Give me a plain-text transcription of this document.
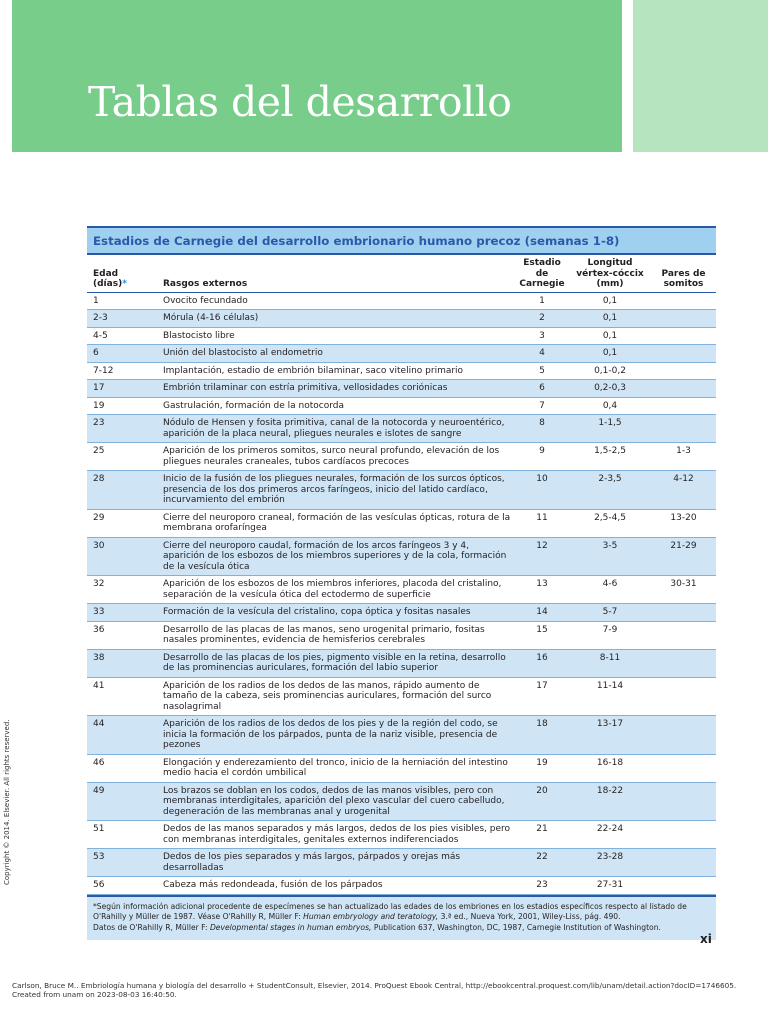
Tablas del desarrollo
Estadios de Carnegie del desarrollo embrionario humano precoz (semanas 1-8)
Edad (días)*	Rasgos externos	Estadio de Carnegie	Longitud vértex-cóccix (mm)	Pares de somitos
1	Ovocito fecundado	1	0,1	
2-3	Mórula (4-16 células)	2	0,1	
4-5	Blastocisto libre	3	0,1	
6	Unión del blastocisto al endometrio	4	0,1	
7-12	Implantación, estadio de embrión bilaminar, saco vitelino primario	5	0,1-0,2	
17	Embrión trilaminar con estría primitiva, vellosidades coriónicas	6	0,2-0,3	
19	Gastrulación, formación de la notocorda	7	0,4	
23	Nódulo de Hensen y fosita primitiva, canal de la notocorda y neuroentérico, aparición de la placa neural, pliegues neurales e islotes de sangre	8	1-1,5	
25	Aparición de los primeros somitos, surco neural profundo, elevación de los pliegues neurales craneales, tubos cardíacos precoces	9	1,5-2,5	1-3
28	Inicio de la fusión de los pliegues neurales, formación de los surcos ópticos, presencia de los dos primeros arcos faríngeos, inicio del latido cardíaco, incurvamiento del embrión	10	2-3,5	4-12
29	Cierre del neuroporo craneal, formación de las vesículas ópticas, rotura de la membrana orofaríngea	11	2,5-4,5	13-20
30	Cierre del neuroporo caudal, formación de los arcos faríngeos 3 y 4, aparición de los esbozos de los miembros superiores y de la cola, formación de la vesícula ótica	12	3-5	21-29
32	Aparición de los esbozos de los miembros inferiores, placoda del cristalino, separación de la vesícula ótica del ectodermo de superficie	13	4-6	30-31
33	Formación de la vesícula del cristalino, copa óptica y fositas nasales	14	5-7	
36	Desarrollo de las placas de las manos, seno urogenital primario, fositas nasales prominentes, evidencia de hemisferios cerebrales	15	7-9	
38	Desarrollo de las placas de los pies, pigmento visible en la retina, desarrollo de las prominencias auriculares, formación del labio superior	16	8-11	
41	Aparición de los radios de los dedos de las manos, rápido aumento de tamaño de la cabeza, seis prominencias auriculares, formación del surco nasolagrimal	17	11-14	
44	Aparición de los radios de los dedos de los pies y de la región del codo, se inicia la formación de los párpados, punta de la nariz visible, presencia de pezones	18	13-17	
46	Elongación y enderezamiento del tronco, inicio de la herniación del intestino medio hacia el cordón umbilical	19	16-18	
49	Los brazos se doblan en los codos, dedos de las manos visibles, pero con membranas interdigitales, aparición del plexo vascular del cuero cabelludo, degeneración de las membranas anal y urogenital	20	18-22	
51	Dedos de las manos separados y más largos, dedos de los pies visibles, pero con membranas interdigitales, genitales externos indiferenciados	21	22-24	
53	Dedos de los pies separados y más largos, párpados y orejas más desarrolladas	22	23-28	
56	Cabeza más redondeada, fusión de los párpados	23	27-31	
*Según información adicional procedente de especímenes se han actualizado las edades de los embriones en los estadios específicos respecto al listado de O'Rahilly y Müller de 1987. Véase O'Rahilly R, Müller F: Human embryology and teratology, 3.ª ed., Nueva York, 2001, Wiley-Liss, pág. 490.
Datos de O'Rahilly R, Müller F: Developmental stages in human embryos, Publication 637, Washington, DC, 1987, Carnegie Institution of Washington.
xi
Copyright © 2014. Elsevier. All rights reserved.
Carlson, Bruce M.. Embriología humana y biología del desarrollo + StudentConsult, Elsevier, 2014. ProQuest Ebook Central, http://ebookcentral.proquest.com/lib/unam/detail.action?docID=1746605.
Created from unam on 2023-08-03 16:40:50.
